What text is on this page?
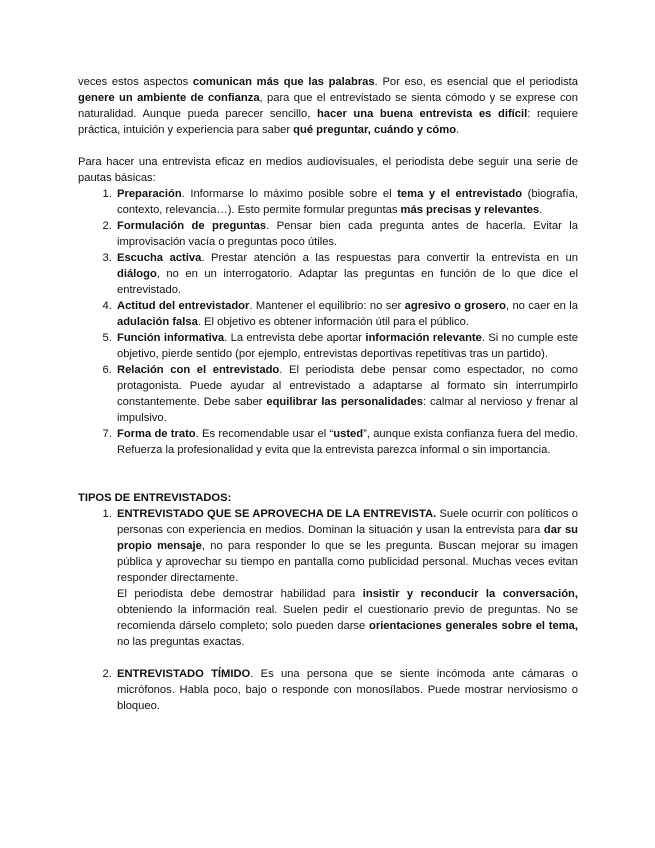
veces estos aspectos comunican más que las palabras. Por eso, es esencial que el periodista genere un ambiente de confianza, para que el entrevistado se sienta cómodo y se exprese con naturalidad. Aunque pueda parecer sencillo, hacer una buena entrevista es difícil: requiere práctica, intuición y experiencia para saber qué preguntar, cuándo y cómo.

Para hacer una entrevista eficaz en medios audiovisuales, el periodista debe seguir una serie de pautas básicas:

1. Preparación. Informarse lo máximo posible sobre el tema y el entrevistado (biografía, contexto, relevancia…). Esto permite formular preguntas más precisas y relevantes.
2. Formulación de preguntas. Pensar bien cada pregunta antes de hacerla. Evitar la improvisación vacía o preguntas poco útiles.
3. Escucha activa. Prestar atención a las respuestas para convertir la entrevista en un diálogo, no en un interrogatorio. Adaptar las preguntas en función de lo que dice el entrevistado.
4. Actitud del entrevistador. Mantener el equilibrio: no ser agresivo o grosero, no caer en la adulación falsa. El objetivo es obtener información útil para el público.
5. Función informativa. La entrevista debe aportar información relevante. Si no cumple este objetivo, pierde sentido (por ejemplo, entrevistas deportivas repetitivas tras un partido).
6. Relación con el entrevistado. El periodista debe pensar como espectador, no como protagonista. Puede ayudar al entrevistado a adaptarse al formato sin interrumpirlo constantemente. Debe saber equilibrar las personalidades: calmar al nervioso y frenar al impulsivo.
7. Forma de trato. Es recomendable usar el “usted”, aunque exista confianza fuera del medio. Refuerza la profesionalidad y evita que la entrevista parezca informal o sin importancia.

TIPOS DE ENTREVISTADOS:

1. ENTREVISTADO QUE SE APROVECHA DE LA ENTREVISTA. Suele ocurrir con políticos o personas con experiencia en medios. Dominan la situación y usan la entrevista para dar su propio mensaje, no para responder lo que se les pregunta. Buscan mejorar su imagen pública y aprovechar su tiempo en pantalla como publicidad personal. Muchas veces evitan responder directamente.
El periodista debe demostrar habilidad para insistir y reconducir la conversación, obteniendo la información real. Suelen pedir el cuestionario previo de preguntas. No se recomienda dárselo completo; solo pueden darse orientaciones generales sobre el tema, no las preguntas exactas.
2. ENTREVISTADO TÍMIDO. Es una persona que se siente incómoda ante cámaras o micrófonos. Habla poco, bajo o responde con monosílabos. Puede mostrar nerviosismo o bloqueo.
